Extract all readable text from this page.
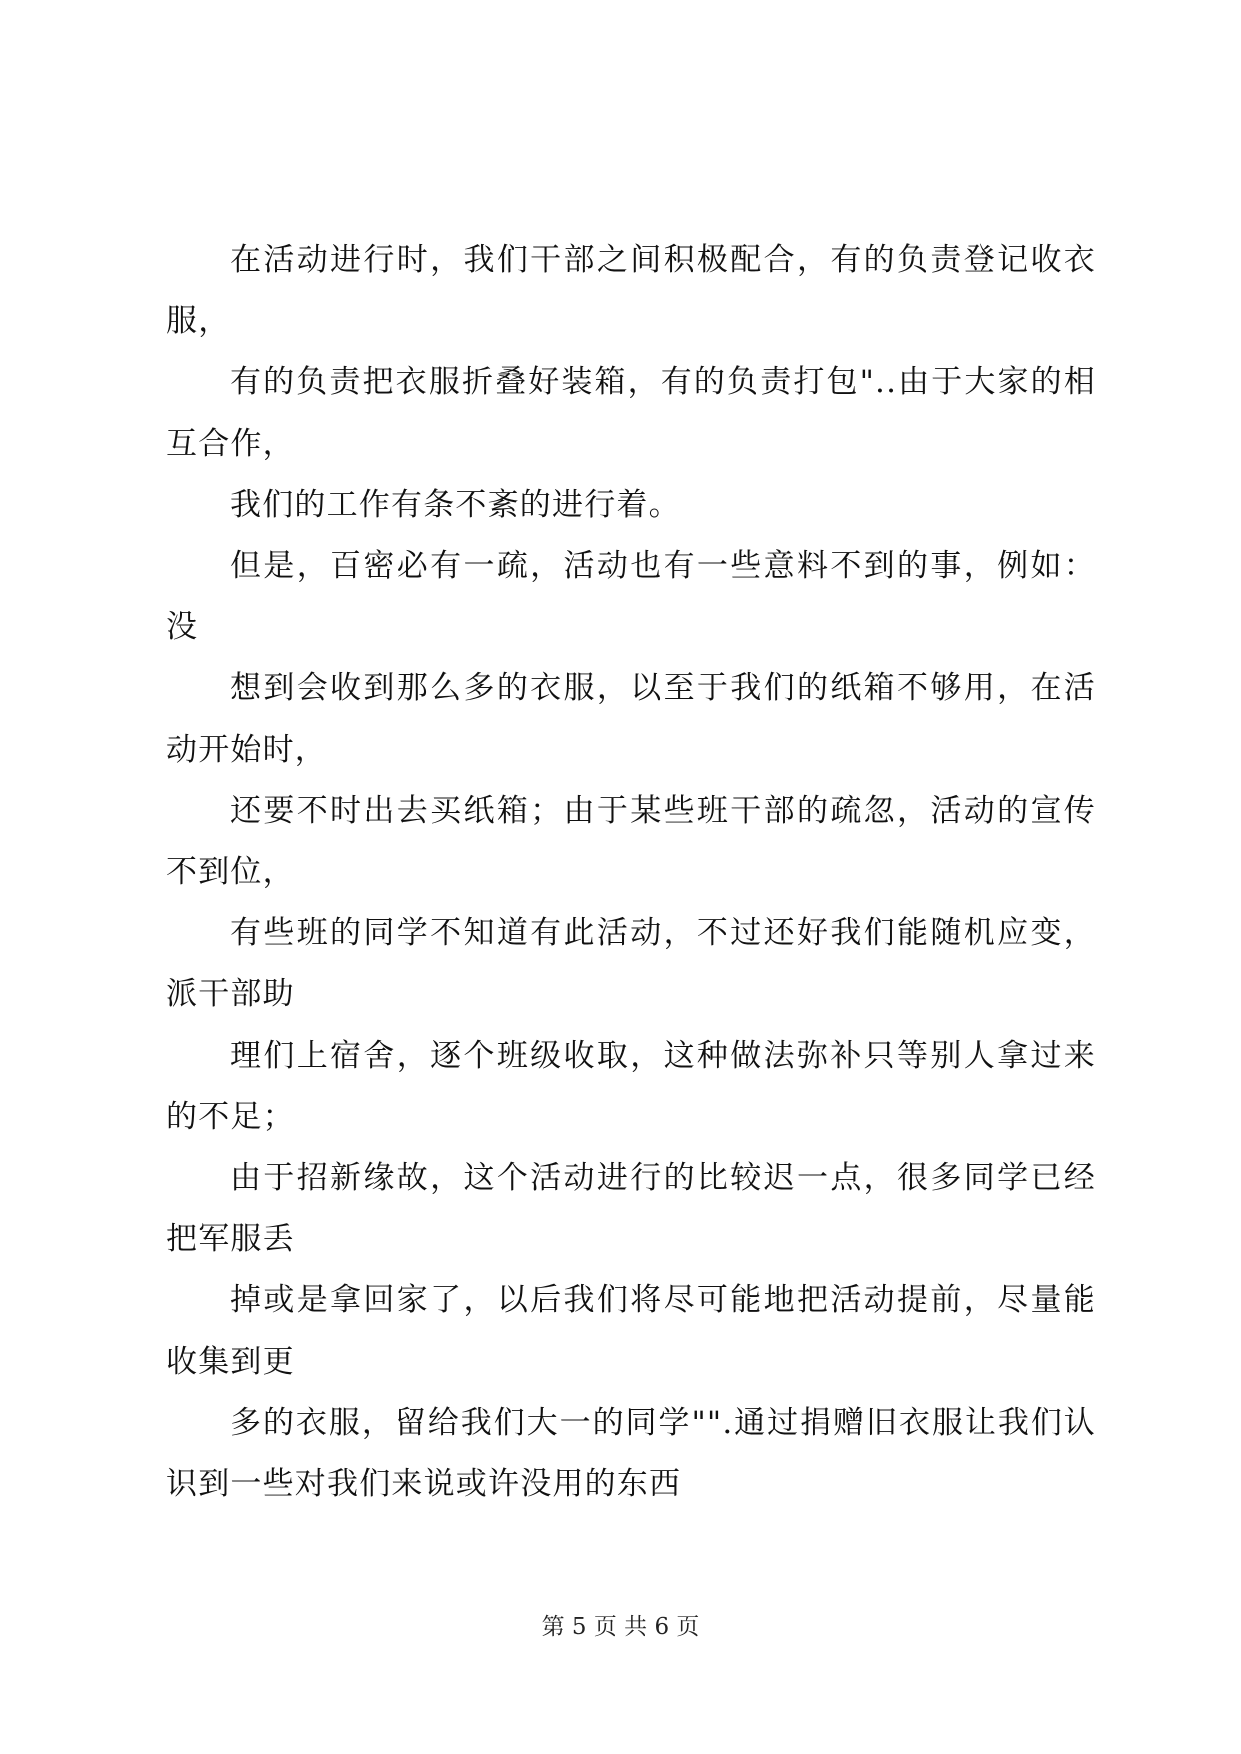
在活动进行时，我们干部之间积极配合，有的负责登记收衣服，

有的负责把衣服折叠好装箱，有的负责打包"..由于大家的相互合作，

我们的工作有条不紊的进行着。

但是，百密必有一疏，活动也有一些意料不到的事，例如：没

想到会收到那么多的衣服，以至于我们的纸箱不够用，在活动开始时，

还要不时出去买纸箱；由于某些班干部的疏忽，活动的宣传不到位，

有些班的同学不知道有此活动，不过还好我们能随机应变，派干部助

理们上宿舍，逐个班级收取，这种做法弥补只等别人拿过来的不足；

由于招新缘故，这个活动进行的比较迟一点，很多同学已经把军服丢

掉或是拿回家了，以后我们将尽可能地把活动提前，尽量能收集到更

多的衣服，留给我们大一的同学"".通过捐赠旧衣服让我们认识到一些对我们来说或许没用的东西

第 5 页 共 6 页
